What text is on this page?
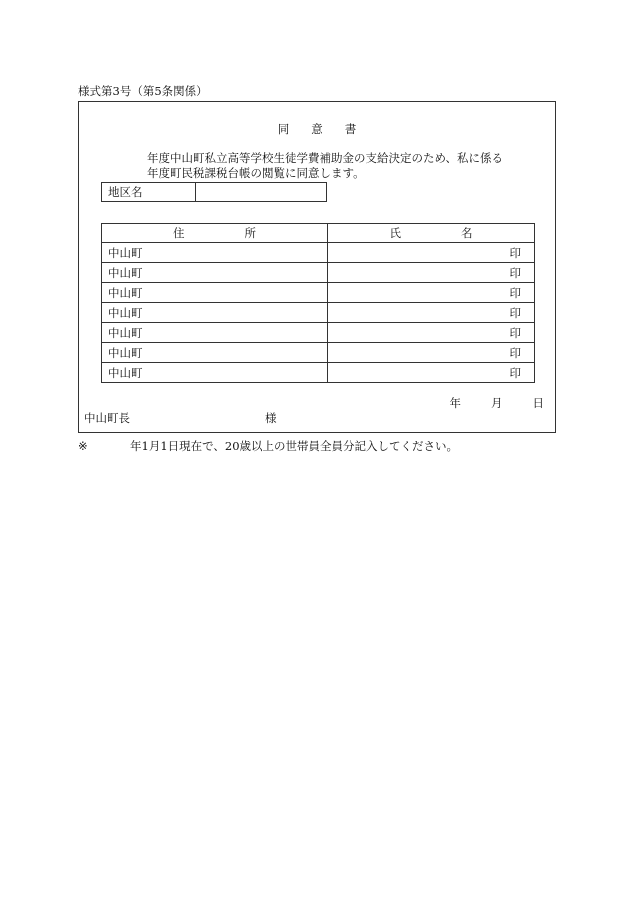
様式第3号（第5条関係）
同 意 書
年度中山町私立高等学校生徒学費補助金の支給決定のため、私に係る
年度町民税課税台帳の閲覧に同意します。
地区名
住 所	氏 名
中山町	印
中山町	印
中山町	印
中山町	印
中山町	印
中山町	印
中山町	印
年	月	日
中山町長	様
※	年1月1日現在で、20歳以上の世帯員全員分記入してください。
